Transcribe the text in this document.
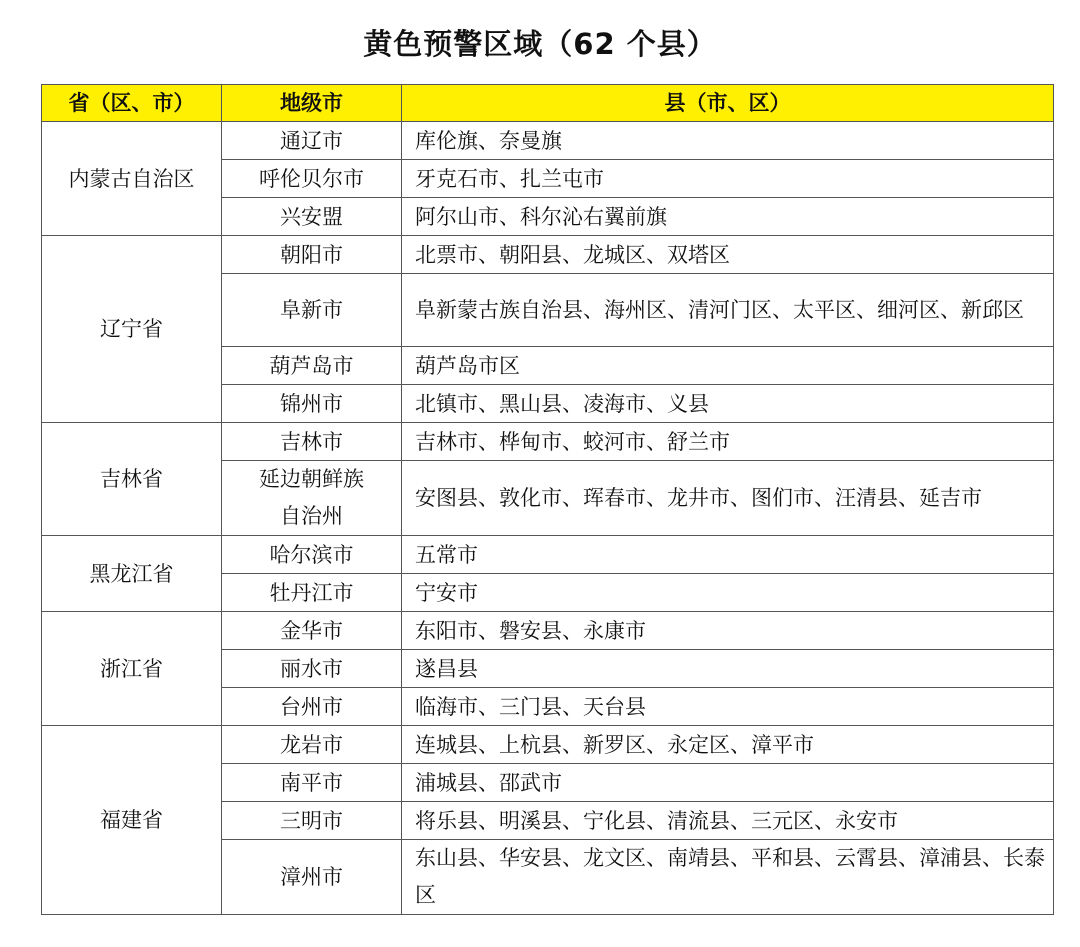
黄色预警区域（62 个县）
省（区、市）	地级市	县（市、区）
内蒙古自治区	通辽市	库伦旗、奈曼旗
	呼伦贝尔市	牙克石市、扎兰屯市
	兴安盟	阿尔山市、科尔沁右翼前旗
辽宁省	朝阳市	北票市、朝阳县、龙城区、双塔区
	阜新市	阜新蒙古族自治县、海州区、清河门区、太平区、细河区、新邱区
	葫芦岛市	葫芦岛市区
	锦州市	北镇市、黑山县、凌海市、义县
吉林省	吉林市	吉林市、桦甸市、蛟河市、舒兰市
	延边朝鲜族自治州	安图县、敦化市、珲春市、龙井市、图们市、汪清县、延吉市
黑龙江省	哈尔滨市	五常市
	牡丹江市	宁安市
浙江省	金华市	东阳市、磐安县、永康市
	丽水市	遂昌县
	台州市	临海市、三门县、天台县
福建省	龙岩市	连城县、上杭县、新罗区、永定区、漳平市
	南平市	浦城县、邵武市
	三明市	将乐县、明溪县、宁化县、清流县、三元区、永安市
	漳州市	东山县、华安县、龙文区、南靖县、平和县、云霄县、漳浦县、长泰区
